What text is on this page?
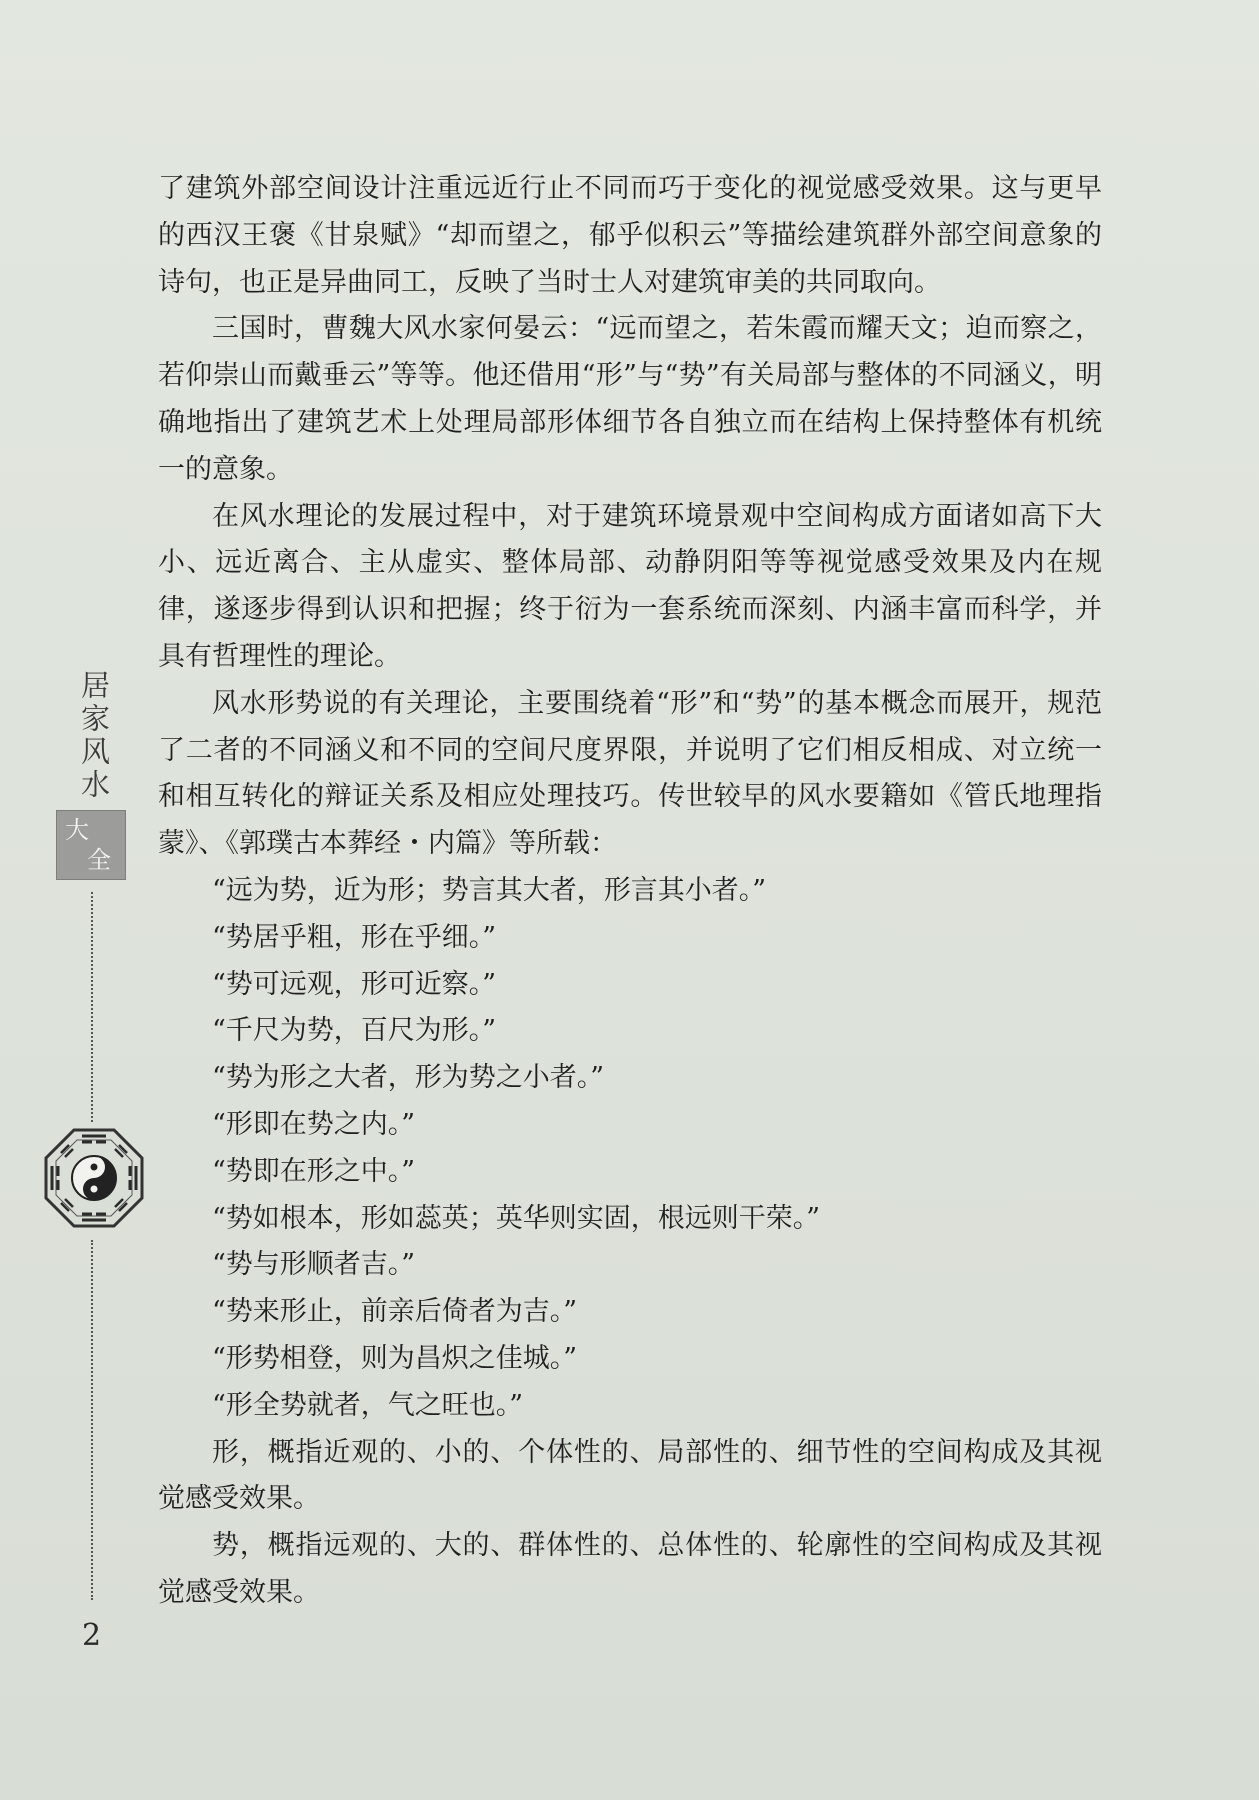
了建筑外部空间设计注重远近行止不同而巧于变化的视觉感受效果。这与更早的西汉王褒《甘泉赋》“却而望之，郁乎似积云”等描绘建筑群外部空间意象的诗句，也正是异曲同工，反映了当时士人对建筑审美的共同取向。

三国时，曹魏大风水家何晏云：“远而望之，若朱霞而耀天文；迫而察之，若仰崇山而戴垂云”等等。他还借用“形”与“势”有关局部与整体的不同涵义，明确地指出了建筑艺术上处理局部形体细节各自独立而在结构上保持整体有机统一的意象。

在风水理论的发展过程中，对于建筑环境景观中空间构成方面诸如高下大小、远近离合、主从虚实、整体局部、动静阴阳等等视觉感受效果及内在规律，遂逐步得到认识和把握；终于衍为一套系统而深刻、内涵丰富而科学，并具有哲理性的理论。

风水形势说的有关理论，主要围绕着“形”和“势”的基本概念而展开，规范了二者的不同涵义和不同的空间尺度界限，并说明了它们相反相成、对立统一和相互转化的辩证关系及相应处理技巧。传世较早的风水要籍如《管氏地理指蒙》、《郭璞古本葬经・内篇》等所载：

“远为势，近为形；势言其大者，形言其小者。”

“势居乎粗，形在乎细。”

“势可远观，形可近察。”

“千尺为势，百尺为形。”

“势为形之大者，形为势之小者。”

“形即在势之内。”

“势即在形之中。”

“势如根本，形如蕊英；英华则实固，根远则干荣。”

“势与形顺者吉。”

“势来形止，前亲后倚者为吉。”

“形势相登，则为昌炽之佳城。”

“形全势就者，气之旺也。”

形，概指近观的、小的、个体性的、局部性的、细节性的空间构成及其视觉感受效果。

势，概指远观的、大的、群体性的、总体性的、轮廓性的空间构成及其视觉感受效果。

居家风水
大
全
2
